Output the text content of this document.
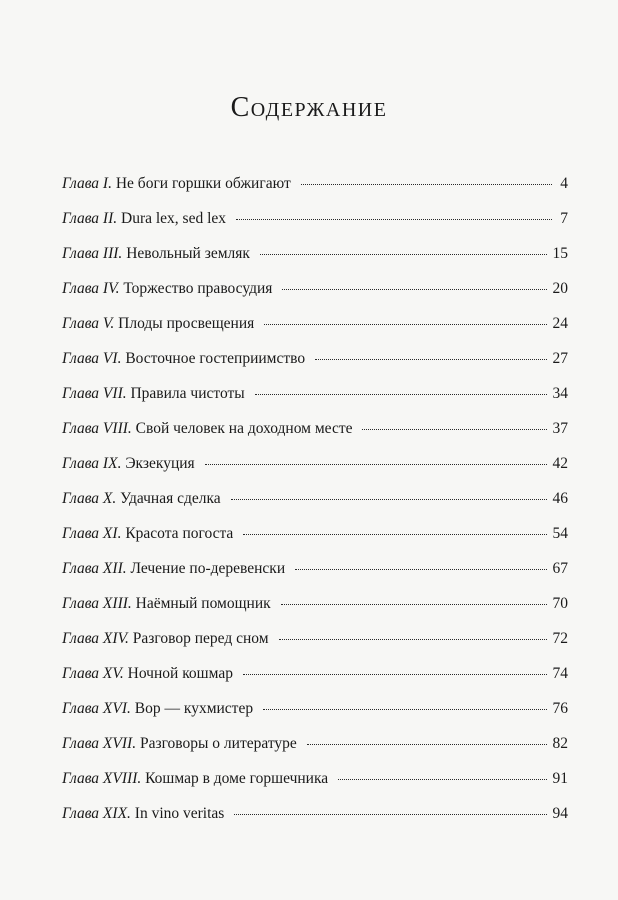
Содержание
Глава I. Не боги горшки обжигают	4
Глава II. Dura lex, sed lex	7
Глава III. Невольный земляк	15
Глава IV. Торжество правосудия	20
Глава V. Плоды просвещения	24
Глава VI. Восточное гостеприимство	27
Глава VII. Правила чистоты	34
Глава VIII. Свой человек на доходном месте	37
Глава IX. Экзекуция	42
Глава X. Удачная сделка	46
Глава XI. Красота погоста	54
Глава XII. Лечение по-деревенски	67
Глава XIII. Наёмный помощник	70
Глава XIV. Разговор перед сном	72
Глава XV. Ночной кошмар	74
Глава XVI. Вор — кухмистер	76
Глава XVII. Разговоры о литературе	82
Глава XVIII. Кошмар в доме горшечника	91
Глава XIX. In vino veritas	94
